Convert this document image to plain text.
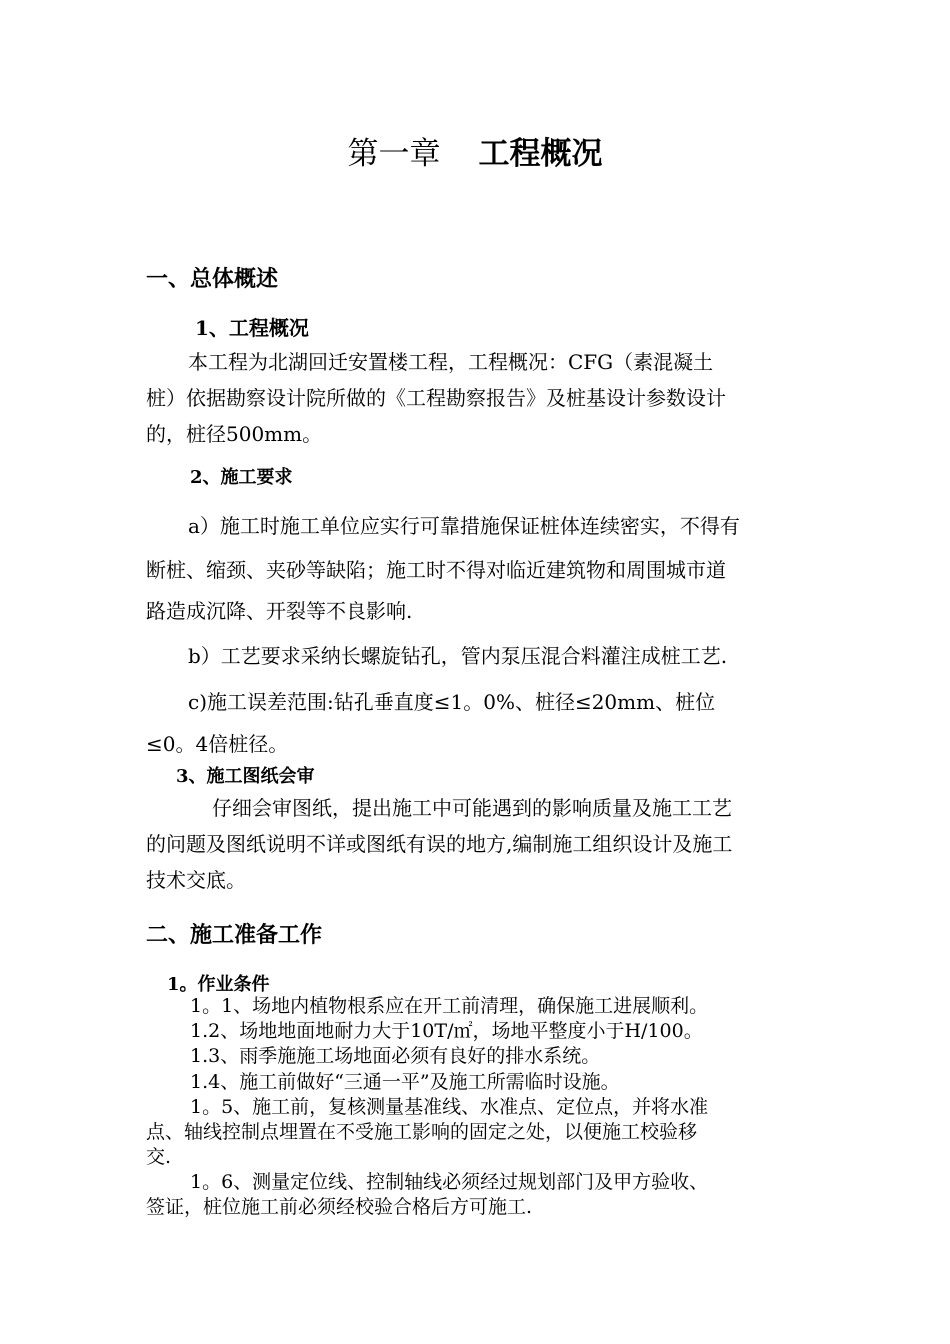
第一章 工程概况
一、总体概述
1、工程概况
本工程为北湖回迁安置楼工程，工程概况：CFG（素混凝土
桩）依据勘察设计院所做的《工程勘察报告》及桩基设计参数设计
的，桩径500mm。
2、施工要求
a）施工时施工单位应实行可靠措施保证桩体连续密实，不得有
断桩、缩颈、夹砂等缺陷；施工时不得对临近建筑物和周围城市道
路造成沉降、开裂等不良影响.
b）工艺要求采纳长螺旋钻孔，管内泵压混合料灌注成桩工艺.
c)施工误差范围:钻孔垂直度≤1。0%、桩径≤20mm、桩位
≤0。4倍桩径。
3、施工图纸会审
仔细会审图纸，提出施工中可能遇到的影响质量及施工工艺
的问题及图纸说明不详或图纸有误的地方,编制施工组织设计及施工
技术交底。
二、施工准备工作
1。作业条件
1。1、场地内植物根系应在开工前清理，确保施工进展顺利。
1.2、场地地面地耐力大于10T/㎡，场地平整度小于H/100。
1.3、雨季施施工场地面必须有良好的排水系统。
1.4、施工前做好“三通一平”及施工所需临时设施。
1。5、施工前，复核测量基准线、水准点、定位点，并将水准
点、轴线控制点埋置在不受施工影响的固定之处，以便施工校验移
交.
1。6、测量定位线、控制轴线必须经过规划部门及甲方验收、
签证，桩位施工前必须经校验合格后方可施工.
